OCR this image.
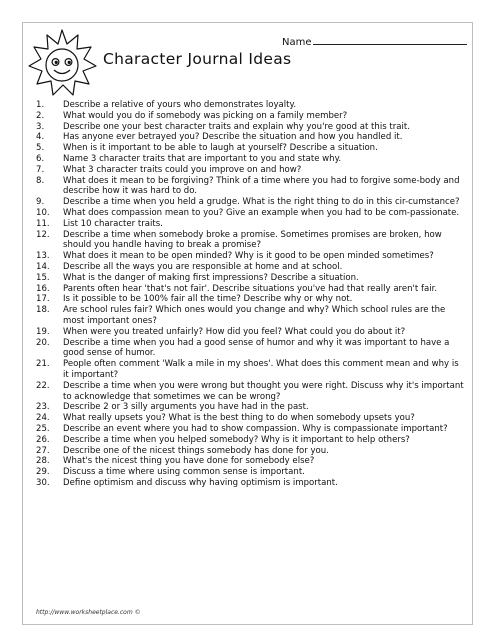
Name
Character Journal Ideas
1.	Describe a relative of yours who demonstrates loyalty.
2.	What would you do if somebody was picking on a family member?
3.	Describe one your best character traits and explain why you're good at this trait.
4.	Has anyone ever betrayed you? Describe the situation and how you handled it.
5.	When is it important to be able to laugh at yourself? Describe a situation.
6.	Name 3 character traits that are important to you and state why.
7.	What 3 character traits could you improve on and how?
8.	What does it mean to be forgiving? Think of a time where you had to forgive some-body and describe how it was hard to do.
9.	Describe a time when you held a grudge. What is the right thing to do in this cir-cumstance?
10.	What does compassion mean to you? Give an example when you had to be com-passionate.
11.	List 10 character traits.
12.	Describe a time when somebody broke a promise. Sometimes promises are broken, how should you handle having to break a promise?
13.	What does it mean to be open minded? Why is it good to be open minded sometimes?
14.	Describe all the ways you are responsible at home and at school.
15.	What is the danger of making first impressions? Describe a situation.
16.	Parents often hear 'that's not fair'. Describe situations you've had that really aren't fair.
17.	Is it possible to be 100% fair all the time? Describe why or why not.
18.	Are school rules fair? Which ones would you change and why? Which school rules are the most important ones?
19.	When were you treated unfairly? How did you feel? What could you do about it?
20.	Describe a time when you had a good sense of humor and why it was important to have a good sense of humor.
21.	People often comment 'Walk a mile in my shoes'. What does this comment mean and why is it important?
22.	Describe a time when you were wrong but thought you were right. Discuss why it's important to acknowledge that sometimes we can be wrong?
23.	Describe 2 or 3 silly arguments you have had in the past.
24.	What really upsets you? What is the best thing to do when somebody upsets you?
25.	Describe an event where you had to show compassion. Why is compassionate important?
26.	Describe a time when you helped somebody? Why is it important to help others?
27.	Describe one of the nicest things somebody has done for you.
28.	What's the nicest thing you have done for somebody else?
29.	Discuss a time where using common sense is important.
30.	Define optimism and discuss why having optimism is important.
http://www.worksheetplace.com ©
